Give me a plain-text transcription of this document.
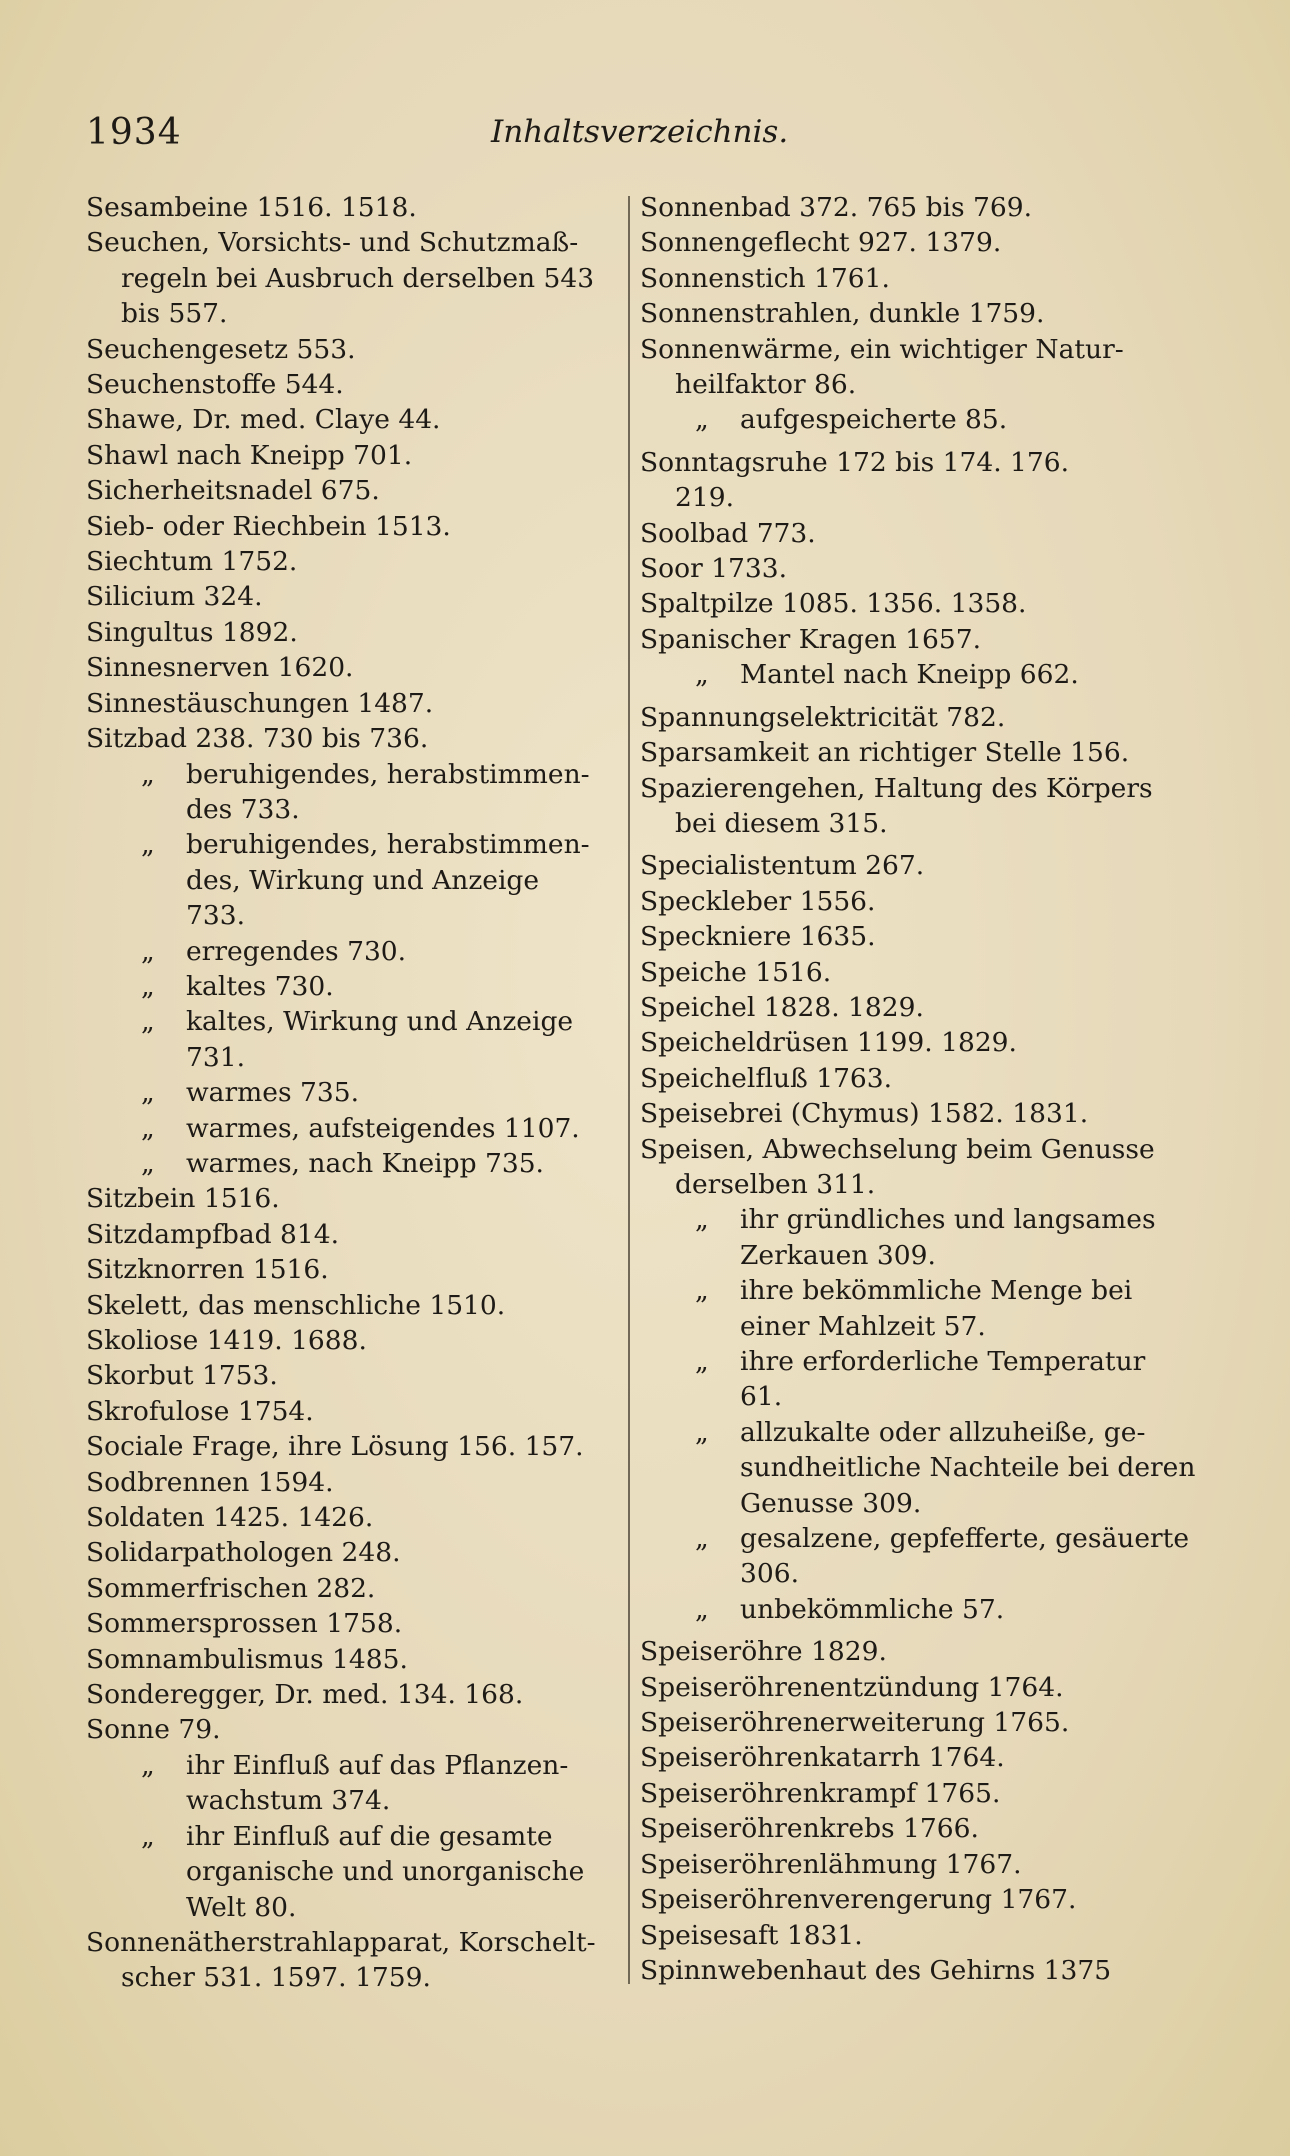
1934	Inhaltsverzeichnis.
Sesambeine 1516. 1518.
Seuchen, Vorsichts- und Schutzmaß-
regeln bei Ausbruch derselben 543
bis 557.
Seuchengesetz 553.
Seuchenstoffe 544.
Shawe, Dr. med. Claye 44.
Shawl nach Kneipp 701.
Sicherheitsnadel 675.
Sieb- oder Riechbein 1513.
Siechtum 1752.
Silicium 324.
Singultus 1892.
Sinnesnerven 1620.
Sinnestäuschungen 1487.
Sitzbad 238. 730 bis 736.
„ beruhigendes, herabstimmen-
des 733.
„ beruhigendes, herabstimmen-
des, Wirkung und Anzeige
733.
„ erregendes 730.
„ kaltes 730.
„ kaltes, Wirkung und Anzeige
731.
„ warmes 735.
„ warmes, aufsteigendes 1107.
„ warmes, nach Kneipp 735.
Sitzbein 1516.
Sitzdampfbad 814.
Sitzknorren 1516.
Skelett, das menschliche 1510.
Skoliose 1419. 1688.
Skorbut 1753.
Skrofulose 1754.
Sociale Frage, ihre Lösung 156. 157.
Sodbrennen 1594.
Soldaten 1425. 1426.
Solidarpathologen 248.
Sommerfrischen 282.
Sommersprossen 1758.
Somnambulismus 1485.
Sonderegger, Dr. med. 134. 168.
Sonne 79.
„ ihr Einfluß auf das Pflanzen-
wachstum 374.
„ ihr Einfluß auf die gesamte
organische und unorganische
Welt 80.
Sonnenätherstrahlapparat, Korschelt-
scher 531. 1597. 1759.
Sonnenbad 372. 765 bis 769.
Sonnengeflecht 927. 1379.
Sonnenstich 1761.
Sonnenstrahlen, dunkle 1759.
Sonnenwärme, ein wichtiger Natur-
heilfaktor 86.
„ aufgespeicherte 85.
Sonntagsruhe 172 bis 174. 176.
219.
Soolbad 773.
Soor 1733.
Spaltpilze 1085. 1356. 1358.
Spanischer Kragen 1657.
„ Mantel nach Kneipp 662.
Spannungselektricität 782.
Sparsamkeit an richtiger Stelle 156.
Spazierengehen, Haltung des Körpers
bei diesem 315.
Specialistentum 267.
Speckleber 1556.
Speckniere 1635.
Speiche 1516.
Speichel 1828. 1829.
Speicheldrüsen 1199. 1829.
Speichelfluß 1763.
Speisebrei (Chymus) 1582. 1831.
Speisen, Abwechselung beim Genusse
derselben 311.
„ ihr gründliches und langsames
Zerkauen 309.
„ ihre bekömmliche Menge bei
einer Mahlzeit 57.
„ ihre erforderliche Temperatur
61.
„ allzukalte oder allzuheiße, ge-
sundheitliche Nachteile bei deren
Genusse 309.
„ gesalzene, gepfefferte, gesäuerte
306.
„ unbekömmliche 57.
Speiseröhre 1829.
Speiseröhrenentzündung 1764.
Speiseröhrenerweiterung 1765.
Speiseröhrenkatarrh 1764.
Speiseröhrenkrampf 1765.
Speiseröhrenkrebs 1766.
Speiseröhrenlähmung 1767.
Speiseröhrenverengerung 1767.
Speisesaft 1831.
Spinnwebenhaut des Gehirns 1375
